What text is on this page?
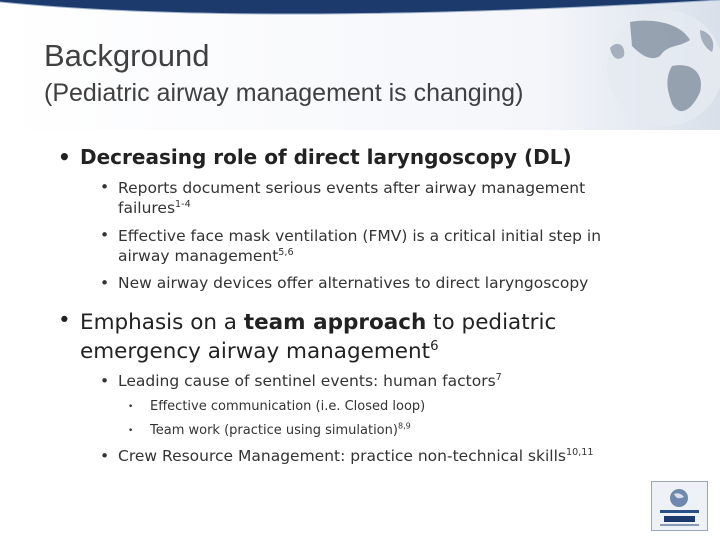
Background
(Pediatric airway management is changing)
• Decreasing role of direct laryngoscopy (DL)
• Reports document serious events after airway management failures$^{1-4}$
• Effective face mask ventilation (FMV) is a critical initial step in airway management$^{5,6}$
• New airway devices offer alternatives to direct laryngoscopy
• Emphasis on a team approach to pediatric emergency airway management$^6$
• Leading cause of sentinel events: human factors$^7$
• Effective communication (i.e. Closed loop)
• Team work (practice using simulation)$^{8,9}$
• Crew Resource Management: practice non-technical skills$^{10,11}$
